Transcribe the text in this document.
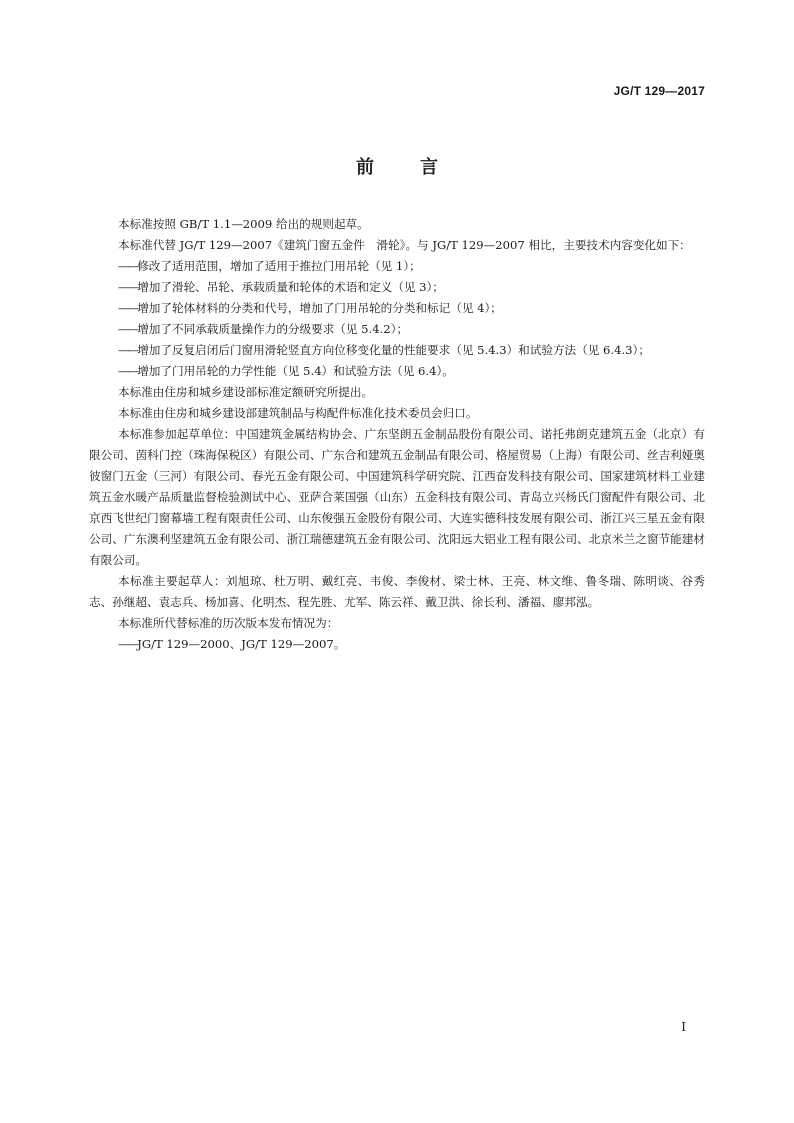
JG/T 129—2017
前言

本标准按照 GB/T 1.1—2009 给出的规则起草。

本标准代替 JG/T 129—2007《建筑门窗五金件　滑轮》。与 JG/T 129—2007 相比，主要技术内容变化如下：

——修改了适用范围，增加了适用于推拉门用吊轮（见 1）；

——增加了滑轮、吊轮、承载质量和轮体的术语和定义（见 3）；

——增加了轮体材料的分类和代号，增加了门用吊轮的分类和标记（见 4）；

——增加了不同承载质量操作力的分级要求（见 5.4.2）；

——增加了反复启闭后门窗用滑轮竖直方向位移变化量的性能要求（见 5.4.3）和试验方法（见 6.4.3）；

——增加了门用吊轮的力学性能（见 5.4）和试验方法（见 6.4）。

本标准由住房和城乡建设部标准定额研究所提出。

本标准由住房和城乡建设部建筑制品与构配件标准化技术委员会归口。

本标准参加起草单位：中国建筑金属结构协会、广东坚朗五金制品股份有限公司、诺托弗朗克建筑五金（北京）有限公司、茵科门控（珠海保税区）有限公司、广东合和建筑五金制品有限公司、格屋贸易（上海）有限公司、丝吉利娅奥彼窗门五金（三河）有限公司、春光五金有限公司、中国建筑科学研究院、江西奋发科技有限公司、国家建筑材料工业建筑五金水暖产品质量监督检验测试中心、亚萨合莱国强（山东）五金科技有限公司、青岛立兴杨氏门窗配件有限公司、北京西飞世纪门窗幕墙工程有限责任公司、山东俊强五金股份有限公司、大连实德科技发展有限公司、浙江兴三星五金有限公司、广东澳利坚建筑五金有限公司、浙江瑞德建筑五金有限公司、沈阳远大铝业工程有限公司、北京米兰之窗节能建材有限公司。

本标准主要起草人：刘旭琼、杜万明、戴红亮、韦俊、李俊材、梁士林、王亮、林文维、鲁冬瑞、陈明谈、谷秀志、孙继超、袁志兵、杨加喜、化明杰、程先胜、尤军、陈云祥、戴卫洪、徐长利、潘福、廖邦泓。

本标准所代替标准的历次版本发布情况为：

——JG/T 129—2000、JG/T 129—2007。

I
